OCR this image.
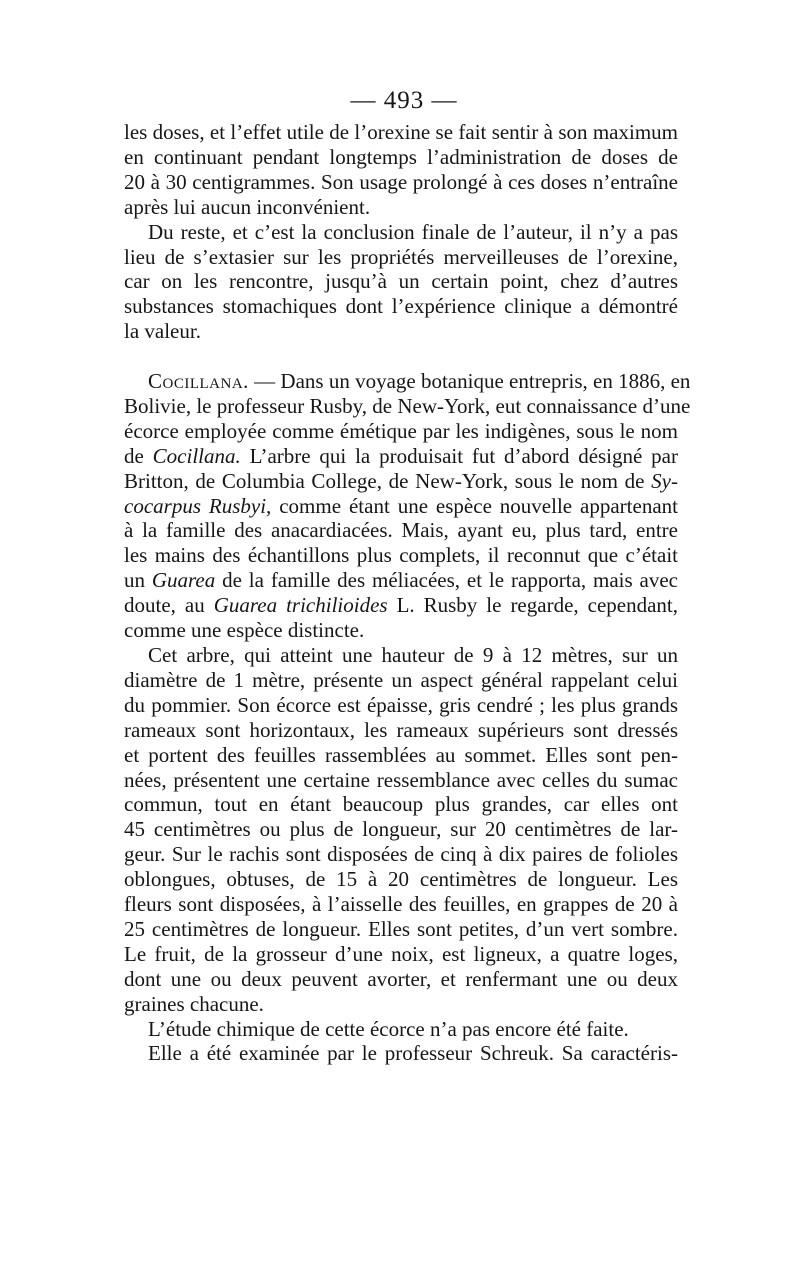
— 493 —

les doses, et l’effet utile de l’orexine se fait sentir à son maximum
en continuant pendant longtemps l’administration de doses de
20 à 30 centigrammes. Son usage prolongé à ces doses n’entraîne
après lui aucun inconvénient.

Du reste, et c’est la conclusion finale de l’auteur, il n’y a pas
lieu de s’extasier sur les propriétés merveilleuses de l’orexine,
car on les rencontre, jusqu’à un certain point, chez d’autres
substances stomachiques dont l’expérience clinique a démontré
la valeur.

Cocillana. — Dans un voyage botanique entrepris, en 1886, en
Bolivie, le professeur Rusby, de New-York, eut connaissance d’une
écorce employée comme émétique par les indigènes, sous le nom
de Cocillana. L’arbre qui la produisait fut d’abord désigné par
Britton, de Columbia College, de New-York, sous le nom de Sy-
cocarpus Rusbyi, comme étant une espèce nouvelle appartenant
à la famille des anacardiacées. Mais, ayant eu, plus tard, entre
les mains des échantillons plus complets, il reconnut que c’était
un Guarea de la famille des méliacées, et le rapporta, mais avec
doute, au Guarea trichilioides L. Rusby le regarde, cependant,
comme une espèce distincte.

Cet arbre, qui atteint une hauteur de 9 à 12 mètres, sur un
diamètre de 1 mètre, présente un aspect général rappelant celui
du pommier. Son écorce est épaisse, gris cendré ; les plus grands
rameaux sont horizontaux, les rameaux supérieurs sont dressés
et portent des feuilles rassemblées au sommet. Elles sont pen-
nées, présentent une certaine ressemblance avec celles du sumac
commun, tout en étant beaucoup plus grandes, car elles ont
45 centimètres ou plus de longueur, sur 20 centimètres de lar-
geur. Sur le rachis sont disposées de cinq à dix paires de folioles
oblongues, obtuses, de 15 à 20 centimètres de longueur. Les
fleurs sont disposées, à l’aisselle des feuilles, en grappes de 20 à
25 centimètres de longueur. Elles sont petites, d’un vert sombre.
Le fruit, de la grosseur d’une noix, est ligneux, a quatre loges,
dont une ou deux peuvent avorter, et renfermant une ou deux
graines chacune.

L’étude chimique de cette écorce n’a pas encore été faite.

Elle a été examinée par le professeur Schreuk. Sa caractéris-
